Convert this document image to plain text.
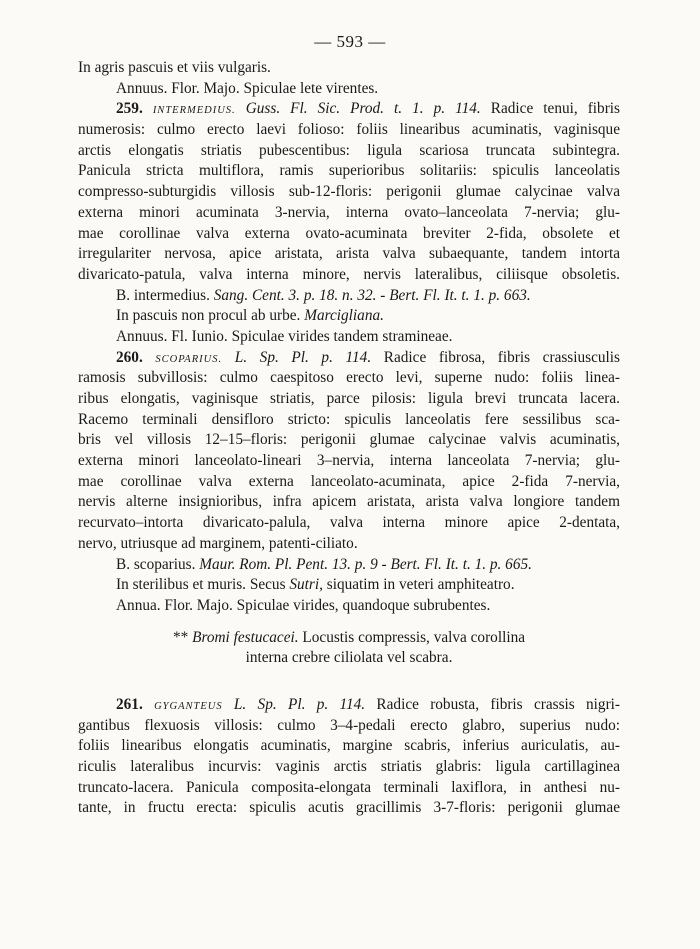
— 593 —
In agris pascuis et viis vulgaris.
Annuus. Flor. Majo. Spiculae lete virentes.
259. INTERMEDIUS. Guss. Fl. Sic. Prod. t. 1. p. 114. Radice tenui, fibris
numerosis: culmo erecto laevi folioso: foliis linearibus acuminatis, vaginisque
arctis elongatis striatis pubescentibus: ligula scariosa truncata subintegra.
Panicula stricta multiflora, ramis superioribus solitariis: spiculis lanceolatis
compresso-subturgidis villosis sub-12-floris: perigonii glumae calycinae valva
externa minori acuminata 3-nervia, interna ovato–lanceolata 7-nervia; glu-
mae corollinae valva externa ovato-acuminata breviter 2-fida, obsolete et
irregulariter nervosa, apice aristata, arista valva subaequante, tandem intorta
divaricato-patula, valva interna minore, nervis lateralibus, ciliisque obsoletis.
B. intermedius. Sang. Cent. 3. p. 18. n. 32. - Bert. Fl. It. t. 1. p. 663.
In pascuis non procul ab urbe. Marcigliana.
Annuus. Fl. Iunio. Spiculae virides tandem stramineae.
260. SCOPARIUS. L. Sp. Pl. p. 114. Radice fibrosa, fibris crassiusculis
ramosis subvillosis: culmo caespitoso erecto levi, superne nudo: foliis linea-
ribus elongatis, vaginisque striatis, parce pilosis: ligula brevi truncata lacera.
Racemo terminali densifloro stricto: spiculis lanceolatis fere sessilibus sca-
bris vel villosis 12–15–floris: perigonii glumae calycinae valvis acuminatis,
externa minori lanceolato-lineari 3–nervia, interna lanceolata 7-nervia; glu-
mae corollinae valva externa lanceolato-acuminata, apice 2-fida 7-nervia,
nervis alterne insignioribus, infra apicem aristata, arista valva longiore tandem
recurvato–intorta divaricato-palula, valva interna minore apice 2-dentata,
nervo, utriusque ad marginem, patenti-ciliato.
B. scoparius. Maur. Rom. Pl. Pent. 13. p. 9 - Bert. Fl. It. t. 1. p. 665.
In sterilibus et muris. Secus Sutri, siquatim in veteri amphiteatro.
Annua. Flor. Majo. Spiculae virides, quandoque subrubentes.
** Bromi festucacei. Locustis compressis, valva corollina
interna crebre ciliolata vel scabra.
261. GYGANTEUS L. Sp. Pl. p. 114. Radice robusta, fibris crassis nigri-
gantibus flexuosis villosis: culmo 3–4-pedali erecto glabro, superius nudo:
foliis linearibus elongatis acuminatis, margine scabris, inferius auriculatis, au-
riculis lateralibus incurvis: vaginis arctis striatis glabris: ligula cartillaginea
truncato-lacera. Panicula composita-elongata terminali laxiflora, in anthesi nu-
tante, in fructu erecta: spiculis acutis gracillimis 3-7-floris: perigonii glumae
